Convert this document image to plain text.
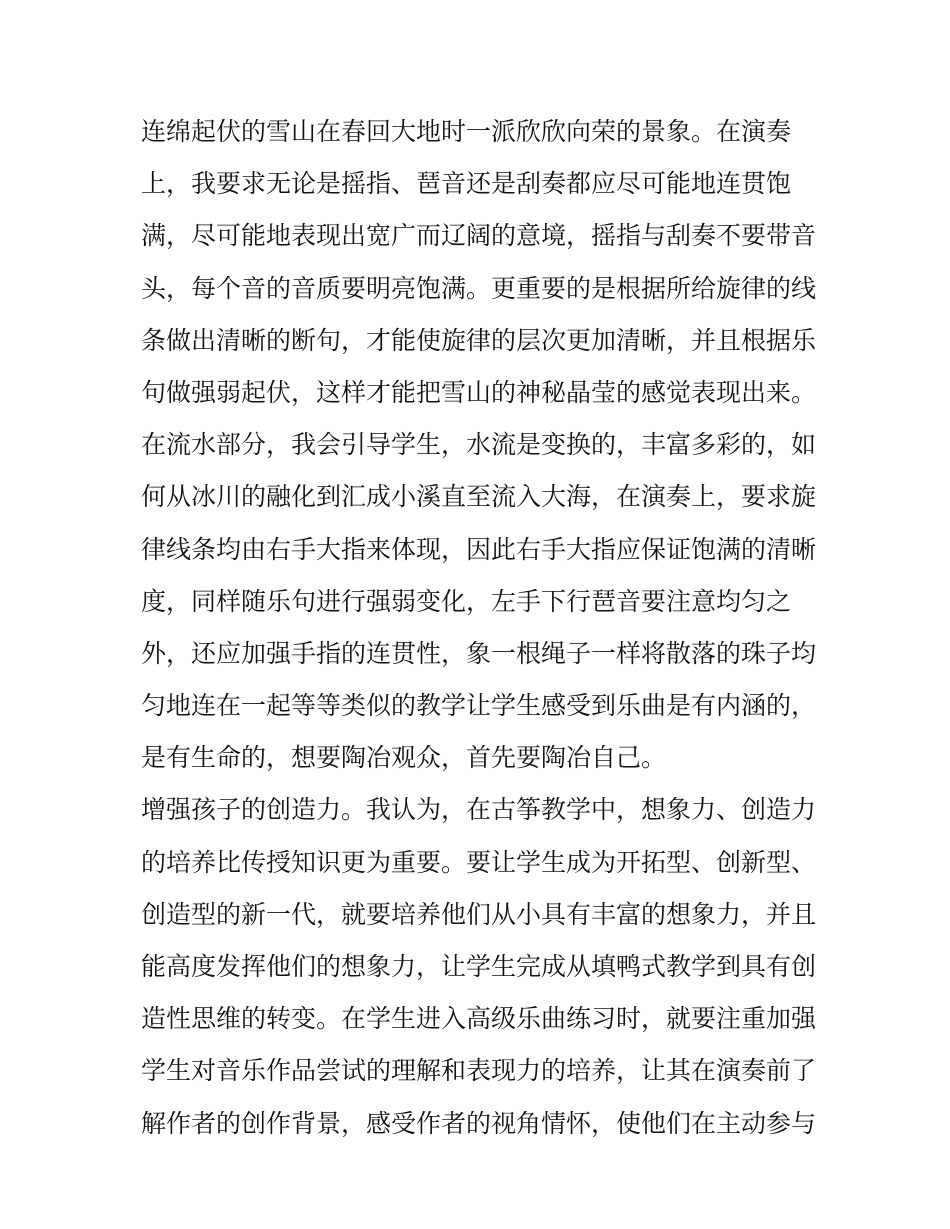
连绵起伏的雪山在春回大地时一派欣欣向荣的景象。在演奏
上，我要求无论是摇指、琶音还是刮奏都应尽可能地连贯饱
满，尽可能地表现出宽广而辽阔的意境，摇指与刮奏不要带音
头，每个音的音质要明亮饱满。更重要的是根据所给旋律的线
条做出清晰的断句，才能使旋律的层次更加清晰，并且根据乐
句做强弱起伏，这样才能把雪山的神秘晶莹的感觉表现出来。
在流水部分，我会引导学生，水流是变换的，丰富多彩的，如
何从冰川的融化到汇成小溪直至流入大海，在演奏上，要求旋
律线条均由右手大指来体现，因此右手大指应保证饱满的清晰
度，同样随乐句进行强弱变化，左手下行琶音要注意均匀之
外，还应加强手指的连贯性，象一根绳子一样将散落的珠子均
匀地连在一起等等类似的教学让学生感受到乐曲是有内涵的，
是有生命的，想要陶冶观众，首先要陶冶自己。
增强孩子的创造力。我认为，在古筝教学中，想象力、创造力
的培养比传授知识更为重要。要让学生成为开拓型、创新型、
创造型的新一代，就要培养他们从小具有丰富的想象力，并且
能高度发挥他们的想象力，让学生完成从填鸭式教学到具有创
造性思维的转变。在学生进入高级乐曲练习时，就要注重加强
学生对音乐作品尝试的理解和表现力的培养，让其在演奏前了
解作者的创作背景，感受作者的视角情怀，使他们在主动参与
